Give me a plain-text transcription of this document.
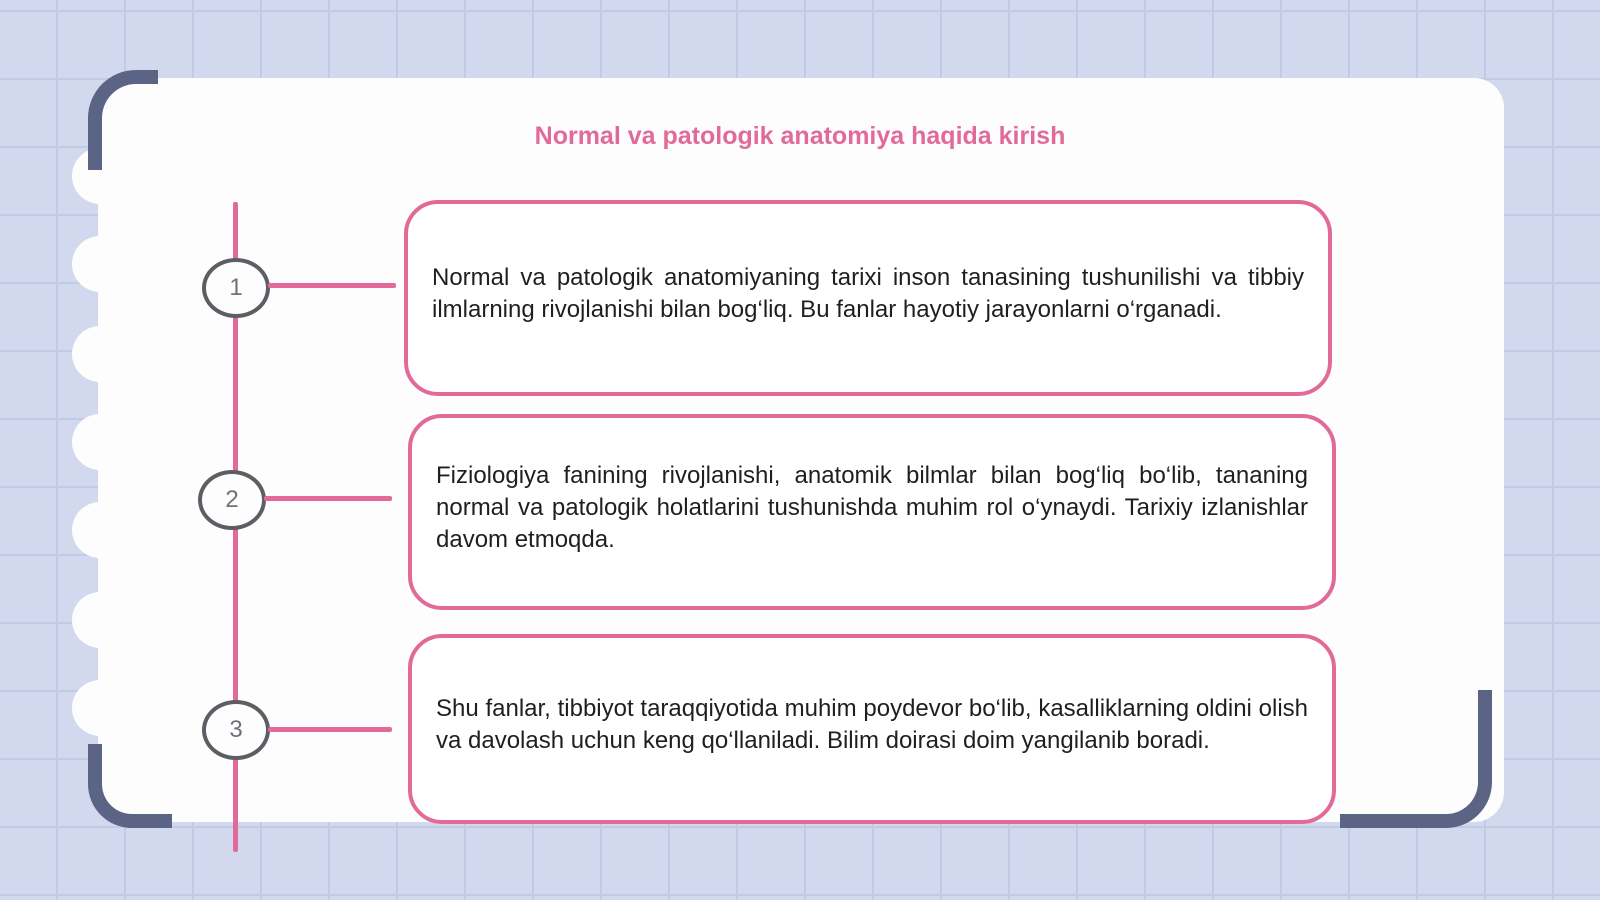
Normal va patologik anatomiya haqida kirish
1	Normal va patologik anatomiyaning tarixi inson tanasining tushunilishi va tibbiy ilmlarning rivojlanishi bilan bog‘liq. Bu fanlar hayotiy jarayonlarni o‘rganadi.

2

Fiziologiya fanining rivojlanishi, anatomik bilmlar bilan bog‘liq bo‘lib, tananing normal va patologik holatlarini tushunishda muhim rol o‘ynaydi. Tarixiy izlanishlar davom etmoqda.

3

Shu fanlar, tibbiyot taraqqiyotida muhim poydevor bo‘lib, kasalliklarning oldini olish va davolash uchun keng qo‘llaniladi. Bilim doirasi doim yangilanib boradi.
